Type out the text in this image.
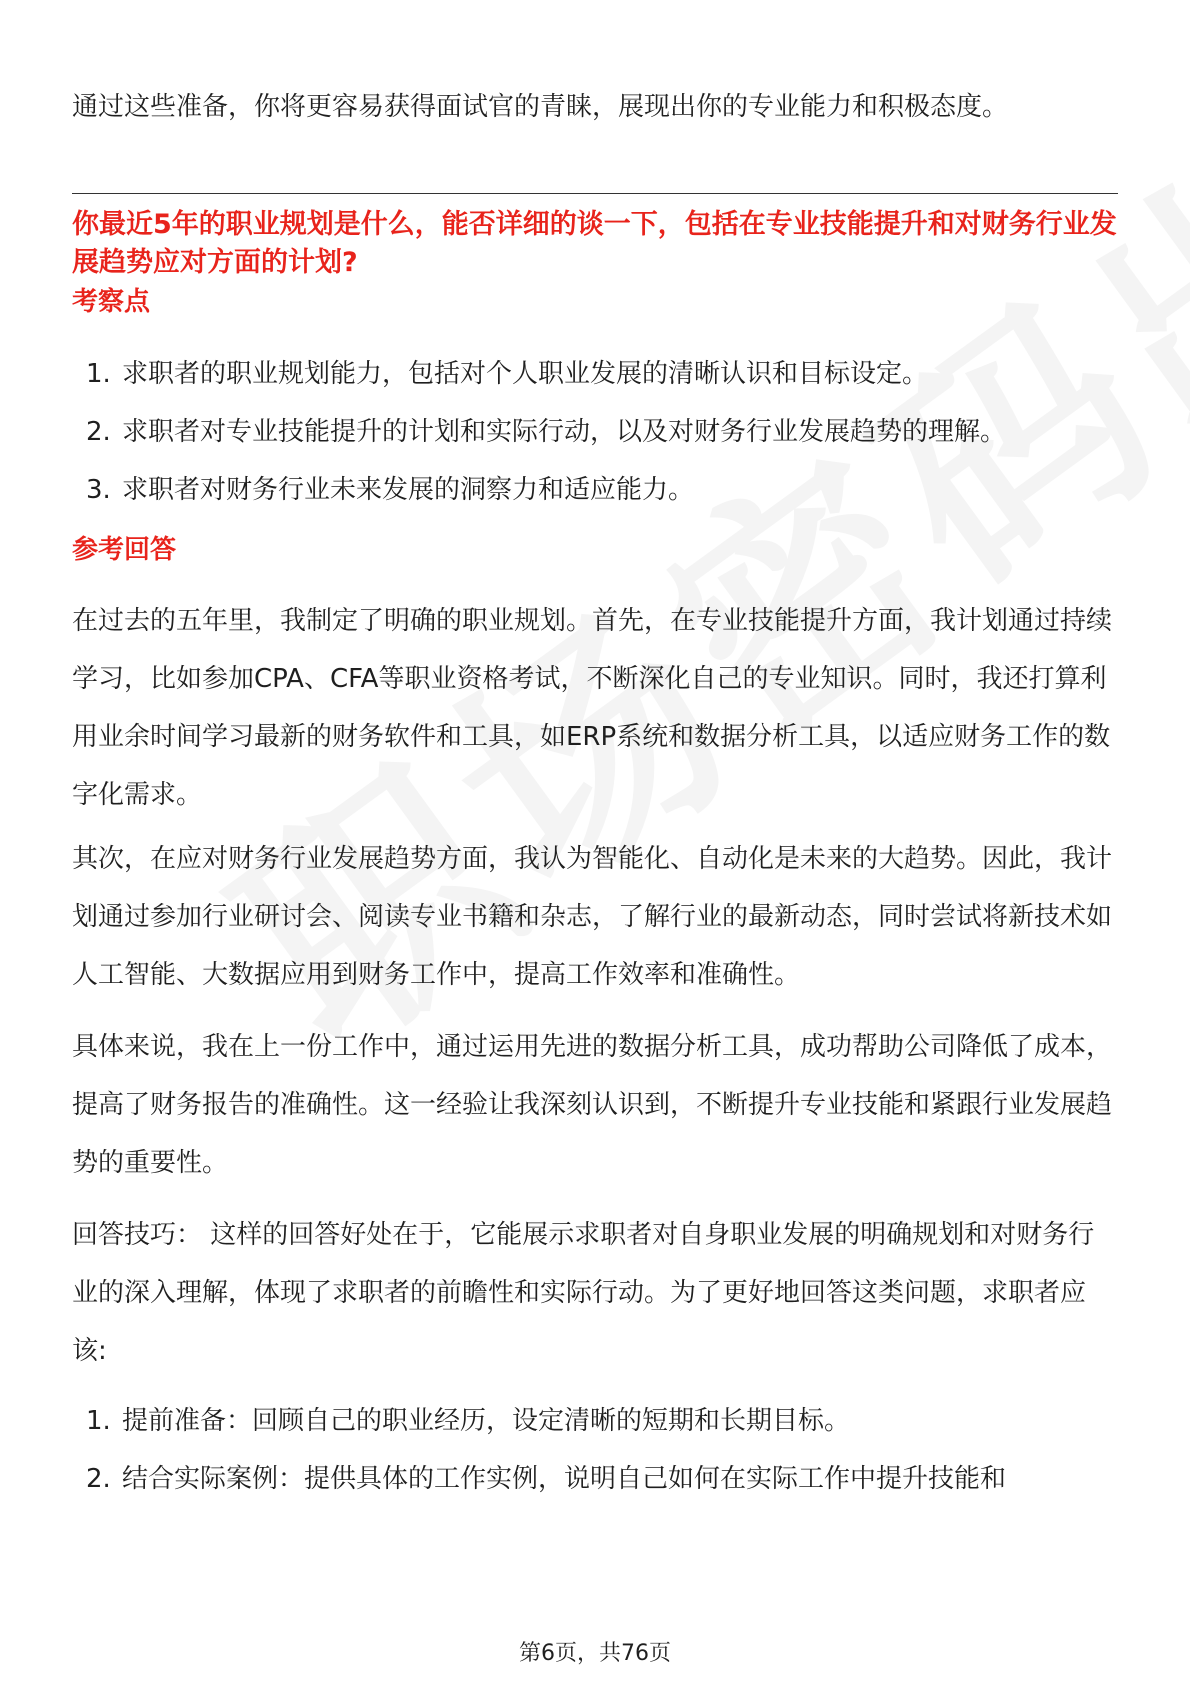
通过这些准备，你将更容易获得面试官的青睐，展现出你的专业能力和积极态度。

你最近5年的职业规划是什么，能否详细的谈一下，包括在专业技能提升和对财务行业发展趋势应对方面的计划?

考察点
1. 求职者的职业规划能力，包括对个人职业发展的清晰认识和目标设定。
2. 求职者对专业技能提升的计划和实际行动，以及对财务行业发展趋势的理解。
3. 求职者对财务行业未来发展的洞察力和适应能力。
参考回答

在过去的五年里，我制定了明确的职业规划。首先，在专业技能提升方面，我计划通过持续学习，比如参加CPA、CFA等职业资格考试，不断深化自己的专业知识。同时，我还打算利用业余时间学习最新的财务软件和工具，如ERP系统和数据分析工具，以适应财务工作的数字化需求。

其次，在应对财务行业发展趋势方面，我认为智能化、自动化是未来的大趋势。因此，我计划通过参加行业研讨会、阅读专业书籍和杂志，了解行业的最新动态，同时尝试将新技术如人工智能、大数据应用到财务工作中，提高工作效率和准确性。

具体来说，我在上一份工作中，通过运用先进的数据分析工具，成功帮助公司降低了成本，提高了财务报告的准确性。这一经验让我深刻认识到，不断提升专业技能和紧跟行业发展趋势的重要性。

回答技巧： 这样的回答好处在于，它能展示求职者对自身职业发展的明确规划和对财务行业的深入理解，体现了求职者的前瞻性和实际行动。为了更好地回答这类问题，求职者应该:

1. 提前准备：回顾自己的职业经历，设定清晰的短期和长期目标。
2. 结合实际案例：提供具体的工作实例，说明自己如何在实际工作中提升技能和
第6页，共76页
